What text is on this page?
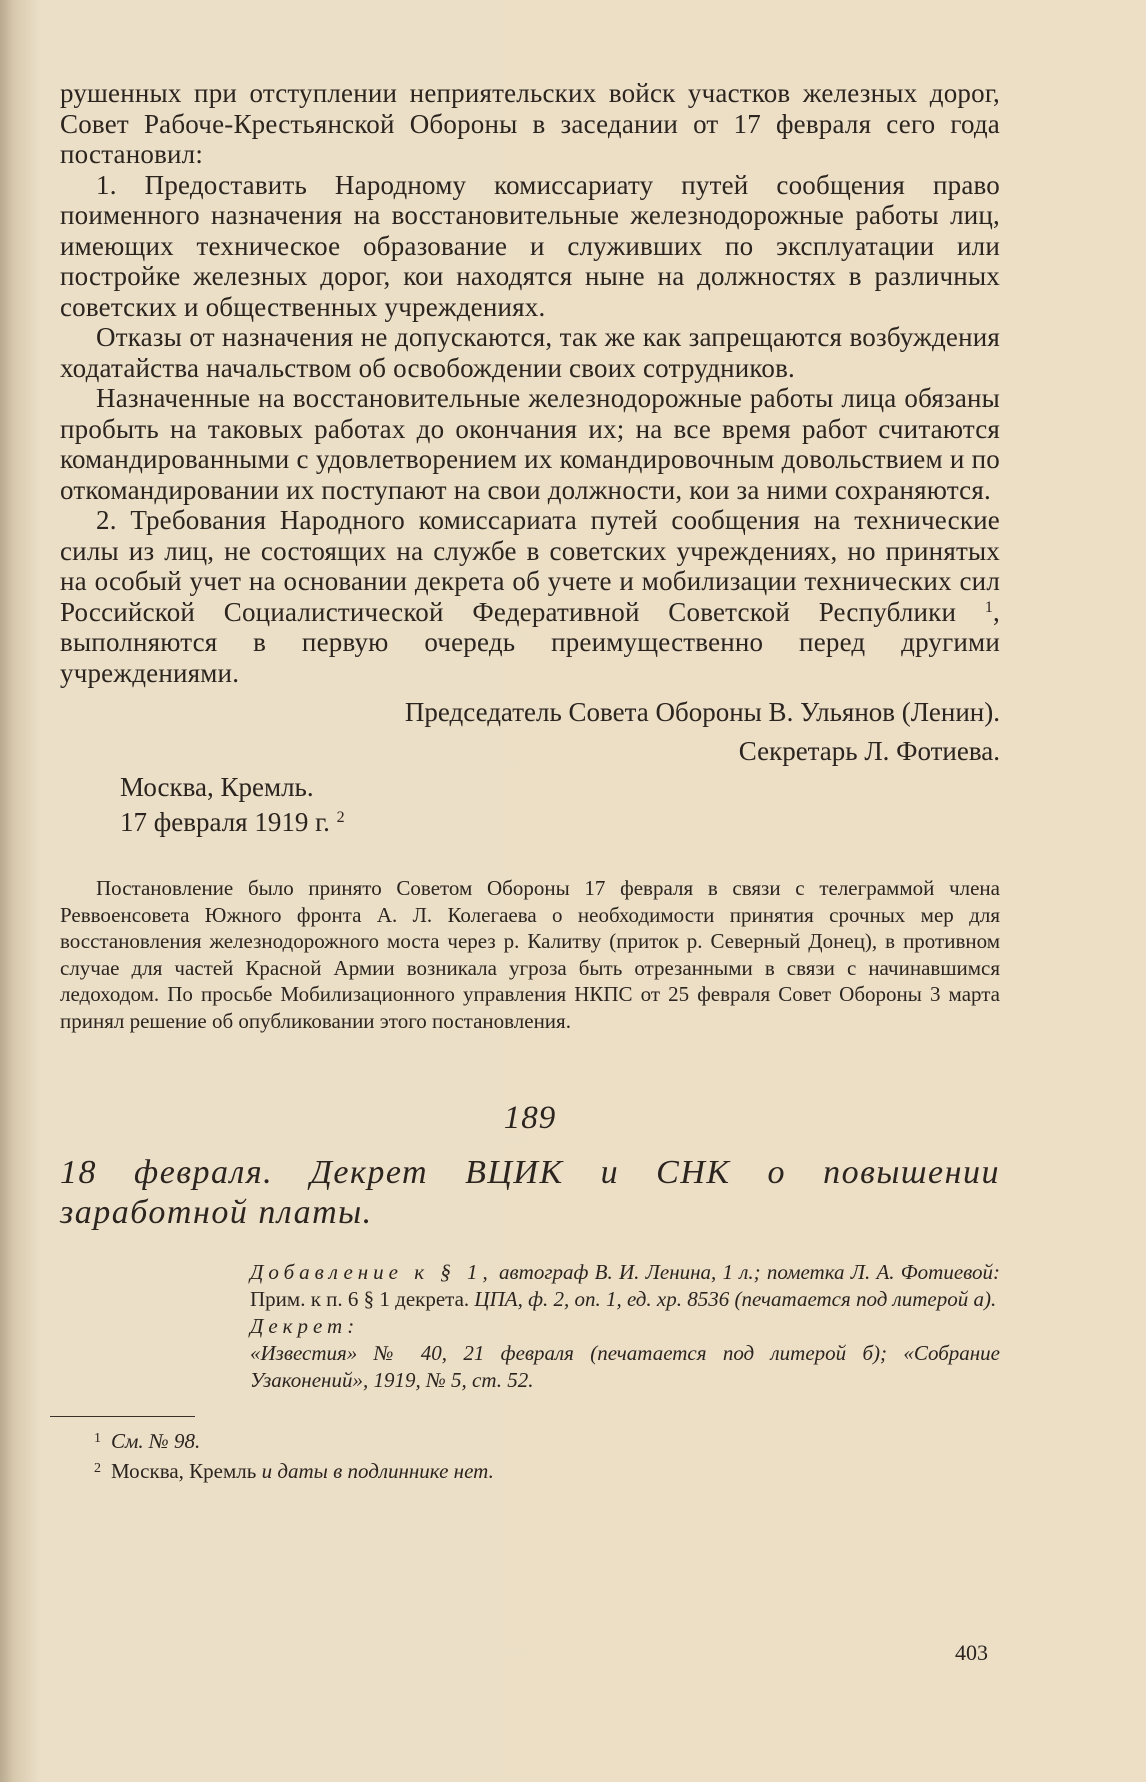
рушенных при отступлении неприятельских войск участков железных дорог, Совет Рабоче-Крестьянской Обороны в заседании от 17 февраля сего года постановил:

1. Предоставить Народному комиссариату путей сообщения право поименного назначения на восстановительные железнодорожные работы лиц, имеющих техническое образование и служивших по эксплуатации или постройке железных дорог, кои находятся ныне на должностях в различных советских и общественных учреждениях.

Отказы от назначения не допускаются, так же как запрещаются возбуждения ходатайства начальством об освобождении своих сотрудников.

Назначенные на восстановительные железнодорожные работы лица обязаны пробыть на таковых работах до окончания их; на все время работ считаются командированными с удовлетворением их командировочным довольствием и по откомандировании их поступают на свои должности, кои за ними сохраняются.

2. Требования Народного комиссариата путей сообщения на технические силы из лиц, не состоящих на службе в советских учреждениях, но принятых на особый учет на основании декрета об учете и мобилизации технических сил Российской Социалистической Федеративной Советской Республики $^1$, выполняются в первую очередь преимущественно перед другими учреждениями.

Председатель Совета Обороны В. Ульянов (Ленин).
Секретарь Л. Фотиева.
Москва, Кремль.
17 февраля 1919 г. $^2$

Постановление было принято Советом Обороны 17 февраля в связи с телеграммой члена Реввоенсовета Южного фронта А. Л. Колегаева о необходимости принятия срочных мер для восстановления железнодорожного моста через р. Калитву (приток р. Северный Донец), в противном случае для частей Красной Армии возникала угроза быть отрезанными в связи с начинавшимся ледоходом. По просьбе Мобилизационного управления НКПС от 25 февраля Совет Обороны 3 марта принял решение об опубликовании этого постановления.

189
18 февраля. Декрет ВЦИК и СНК о повышении заработной платы.
Добавление к § 1, автограф В. И. Ленина, 1 л.; пометка Л. А. Фотиевой: Прим. к п. 6 § 1 декрета. ЦПА, ф. 2, оп. 1, ед. хр. 8536 (печатается под литерой а).
Декрет:
«Известия» № 40, 21 февраля (печатается под литерой б); «Собрание Узаконений», 1919, № 5, ст. 52.
$^1$ См. № 98.
$^2$ Москва, Кремль и даты в подлиннике нет.
403
